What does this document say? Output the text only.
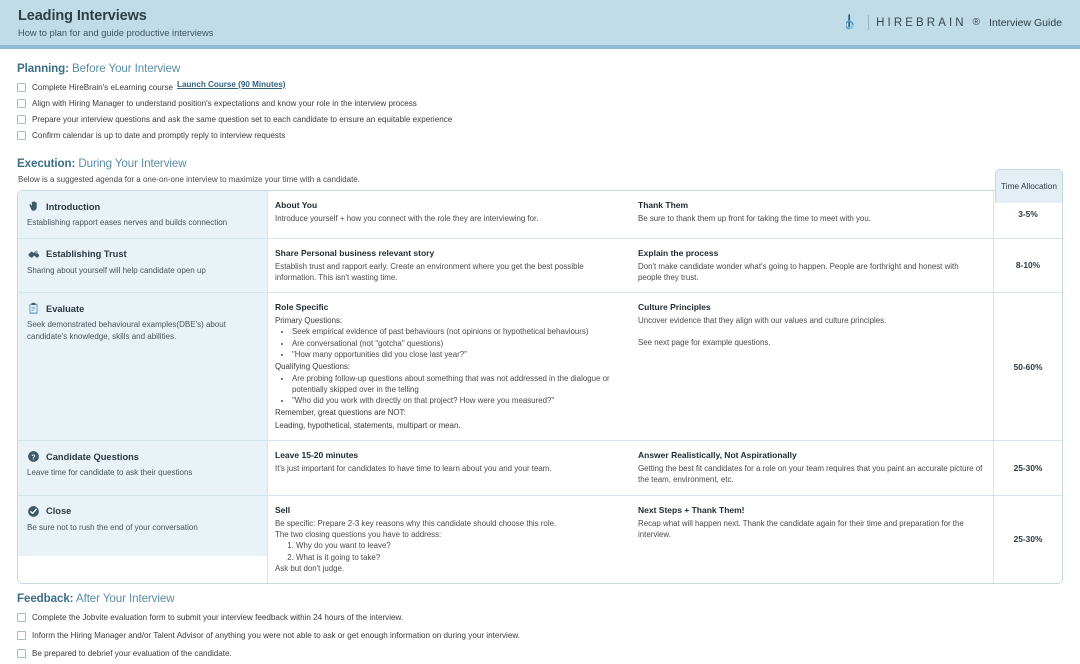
Leading Interviews
How to plan for and guide productive interviews
HIREBRAIN ® Interview Guide
Planning: Before Your Interview
Complete HireBrain's eLearning course Launch Course (90 Minutes)
Align with Hiring Manager to understand position's expectations and know your role in the interview process
Prepare your interview questions and ask the same question set to each candidate to ensure an equitable experience
Confirm calendar is up to date and promptly reply to interview requests
Execution: During Your Interview
Below is a suggested agenda for a one-on-one interview to maximize your time with a candidate.
Time Allocation
Introduction
Establishing rapport eases nerves and builds connection
About You
Introduce yourself + how you connect with the role they are interviewing for.
Thank Them
Be sure to thank them up front for taking the time to meet with you.	3-5%
Establishing Trust
Sharing about yourself will help candidate open up
Share Personal business relevant story
Establish trust and rapport early. Create an environment where you get the best possible information. This isn't wasting time.
Explain the process
Don't make candidate wonder what's going to happen. People are forthright and honest with people they trust.
8-10%
Evaluate
Seek demonstrated behavioural examples(DBE's) about candidate's knowledge, skills and abilities.
Role Specific
Primary Questions:
• Seek empirical evidence of past behaviours (not opinions or hypothetical behaviours)
• Are conversational (not "gotcha" questions)
• "How many opportunities did you close last year?"
Qualifying Questions:
• Are probing follow-up questions about something that was not addressed in the dialogue or potentially skipped over in the telling
• "Who did you work with directly on that project? How were you measured?"
Remember, great questions are NOT:
Leading, hypothetical, statements, multipart or mean.
Culture Principles
Uncover evidence that they align with our values and culture principles.
See next page for example questions.
50-60%
? Candidate Questions
Leave time for candidate to ask their questions
Leave 15-20 minutes
It's just important for candidates to have time to learn about you and your team.
Answer Realistically, Not Aspirationally
Getting the best fit candidates for a role on your team requires that you paint an accurate picture of the team, environment, etc.
25-30%
Close
Be sure not to rush the end of your conversation
Sell
Be specific: Prepare 2-3 key reasons why this candidate should choose this role.
The two closing questions you have to address:
1. Why do you want to leave?
2. What is it going to take?
Ask but don't judge.
Next Steps + Thank Them!
Recap what will happen next. Thank the candidate again for their time and preparation for the interview.	25-30%
Feedback: After Your Interview
Complete the Jobvite evaluation form to submit your interview feedback within 24 hours of the interview.
Inform the Hiring Manager and/or Talent Advisor of anything you were not able to ask or get enough information on during your interview.
Be prepared to debrief your evaluation of the candidate.
